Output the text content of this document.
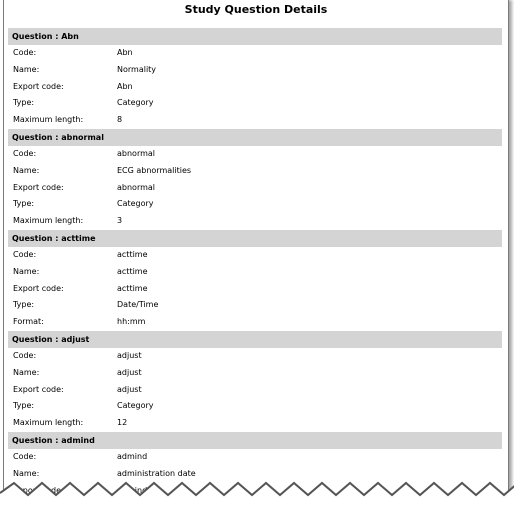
Study Question Details
Question : Abn
Code:	Abn
Name:	Normality
Export code:	Abn
Type:	Category
Maximum length:	8
Question : abnormal
Code:	abnormal
Name:	ECG abnormalities
Export code:	abnormal
Type:	Category
Maximum length:	3
Question : acttime
Code:	acttime
Name:	acttime
Export code:	acttime
Type:	Date/Time
Format:	hh:mm
Question : adjust
Code:	adjust
Name:	adjust
Export code:	adjust
Type:	Category
Maximum length:	12
Question : admind
Code:	admind
Name:	administration date
